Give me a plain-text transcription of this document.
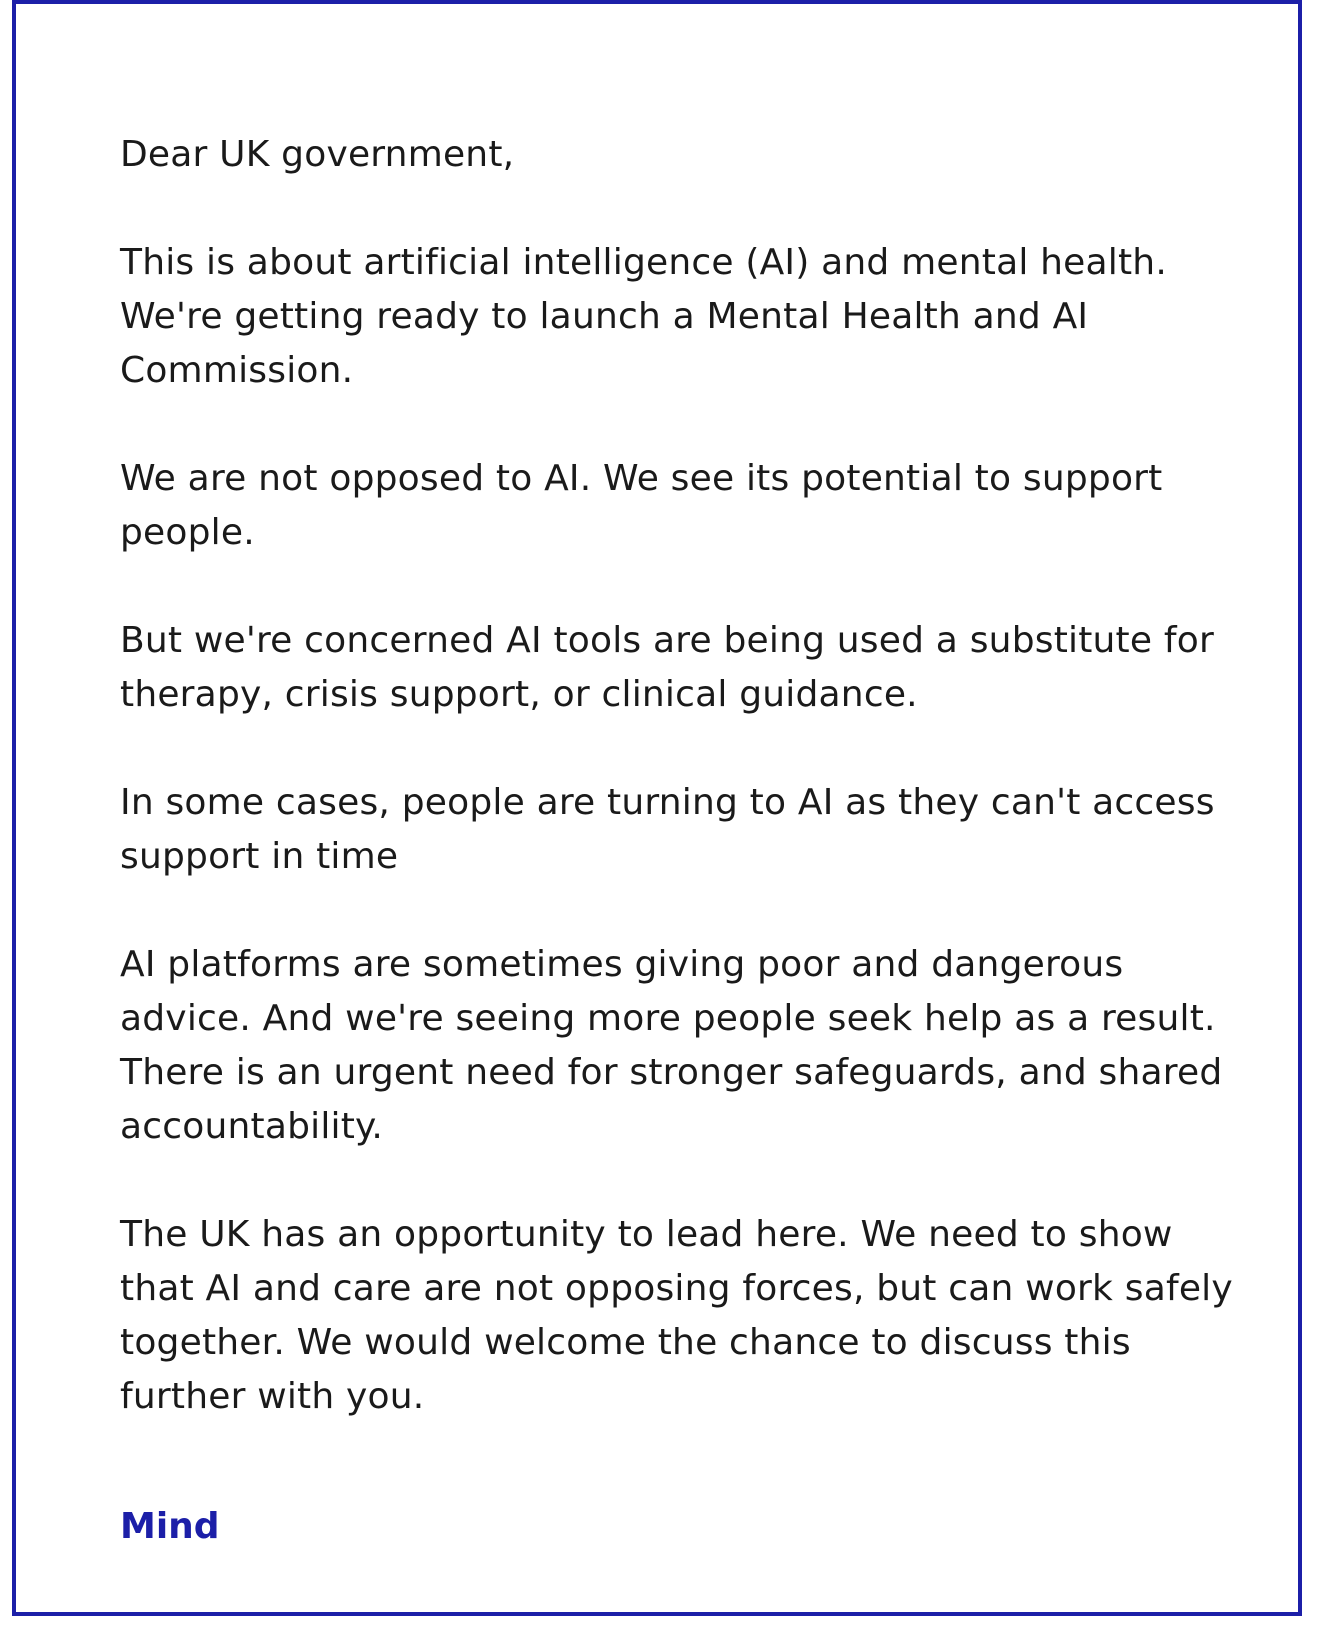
Dear UK government,
This is about artificial intelligence (AI) and mental health.
We're getting ready to launch a Mental Health and AI
Commission.
We are not opposed to AI. We see its potential to support
people.
But we're concerned AI tools are being used a substitute for
therapy, crisis support, or clinical guidance.
In some cases, people are turning to AI as they can't access
support in time
AI platforms are sometimes giving poor and dangerous
advice. And we're seeing more people seek help as a result.
There is an urgent need for stronger safeguards, and shared
accountability.
The UK has an opportunity to lead here. We need to show
that AI and care are not opposing forces, but can work safely
together. We would welcome the chance to discuss this
further with you.
Mind
